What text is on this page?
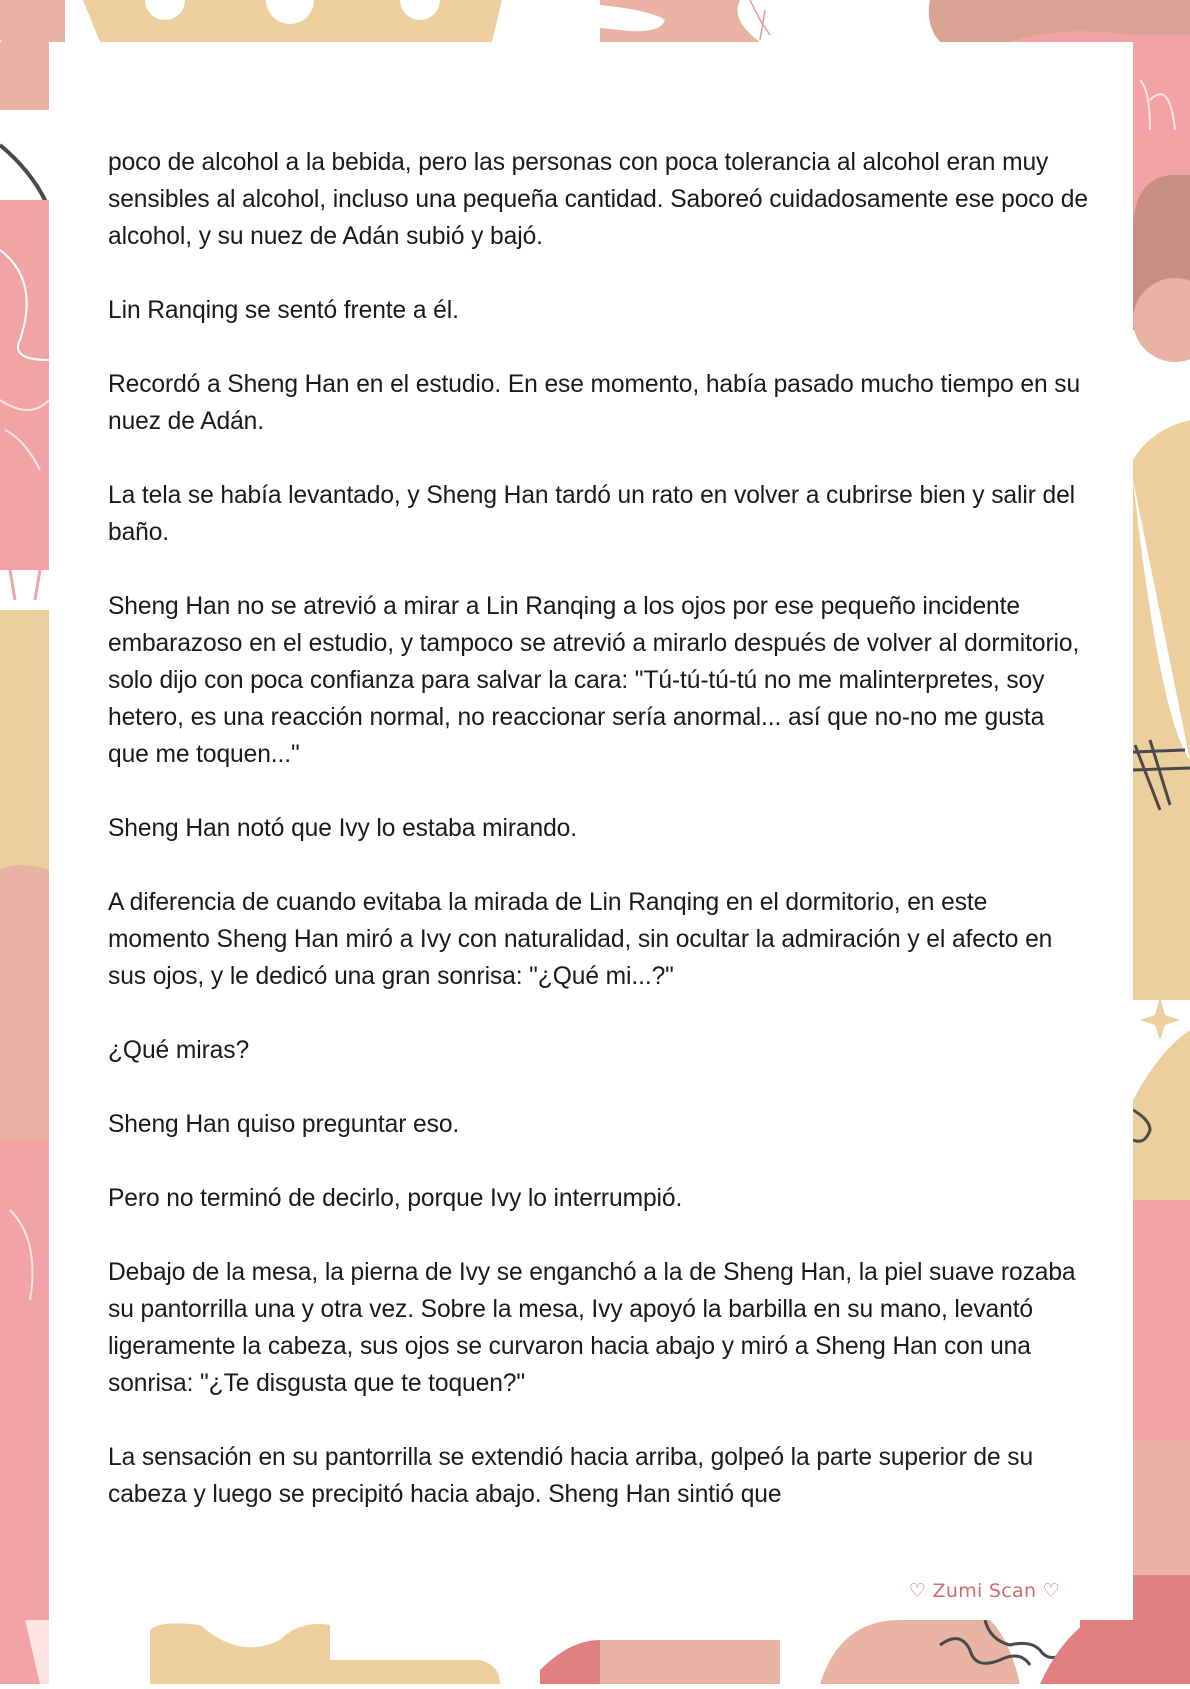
poco de alcohol a la bebida, pero las personas con poca tolerancia al alcohol eran muy sensibles al alcohol, incluso una pequeña cantidad. Saboreó cuidadosamente ese poco de alcohol, y su nuez de Adán subió y bajó.

Lin Ranqing se sentó frente a él.

Recordó a Sheng Han en el estudio. En ese momento, había pasado mucho tiempo en su nuez de Adán.

La tela se había levantado, y Sheng Han tardó un rato en volver a cubrirse bien y salir del baño.

Sheng Han no se atrevió a mirar a Lin Ranqing a los ojos por ese pequeño incidente embarazoso en el estudio, y tampoco se atrevió a mirarlo después de volver al dormitorio, solo dijo con poca confianza para salvar la cara: "Tú-tú-tú-tú no me malinterpretes, soy hetero, es una reacción normal, no reaccionar sería anormal... así que no-no me gusta que me toquen..."

Sheng Han notó que Ivy lo estaba mirando.

A diferencia de cuando evitaba la mirada de Lin Ranqing en el dormitorio, en este momento Sheng Han miró a Ivy con naturalidad, sin ocultar la admiración y el afecto en sus ojos, y le dedicó una gran sonrisa: "¿Qué mi...?"

¿Qué miras?

Sheng Han quiso preguntar eso.

Pero no terminó de decirlo, porque Ivy lo interrumpió.

Debajo de la mesa, la pierna de Ivy se enganchó a la de Sheng Han, la piel suave rozaba su pantorrilla una y otra vez. Sobre la mesa, Ivy apoyó la barbilla en su mano, levantó ligeramente la cabeza, sus ojos se curvaron hacia abajo y miró a Sheng Han con una sonrisa: "¿Te disgusta que te toquen?"

La sensación en su pantorrilla se extendió hacia arriba, golpeó la parte superior de su cabeza y luego se precipitó hacia abajo. Sheng Han sintió que

♡ Zumi Scan ♡
